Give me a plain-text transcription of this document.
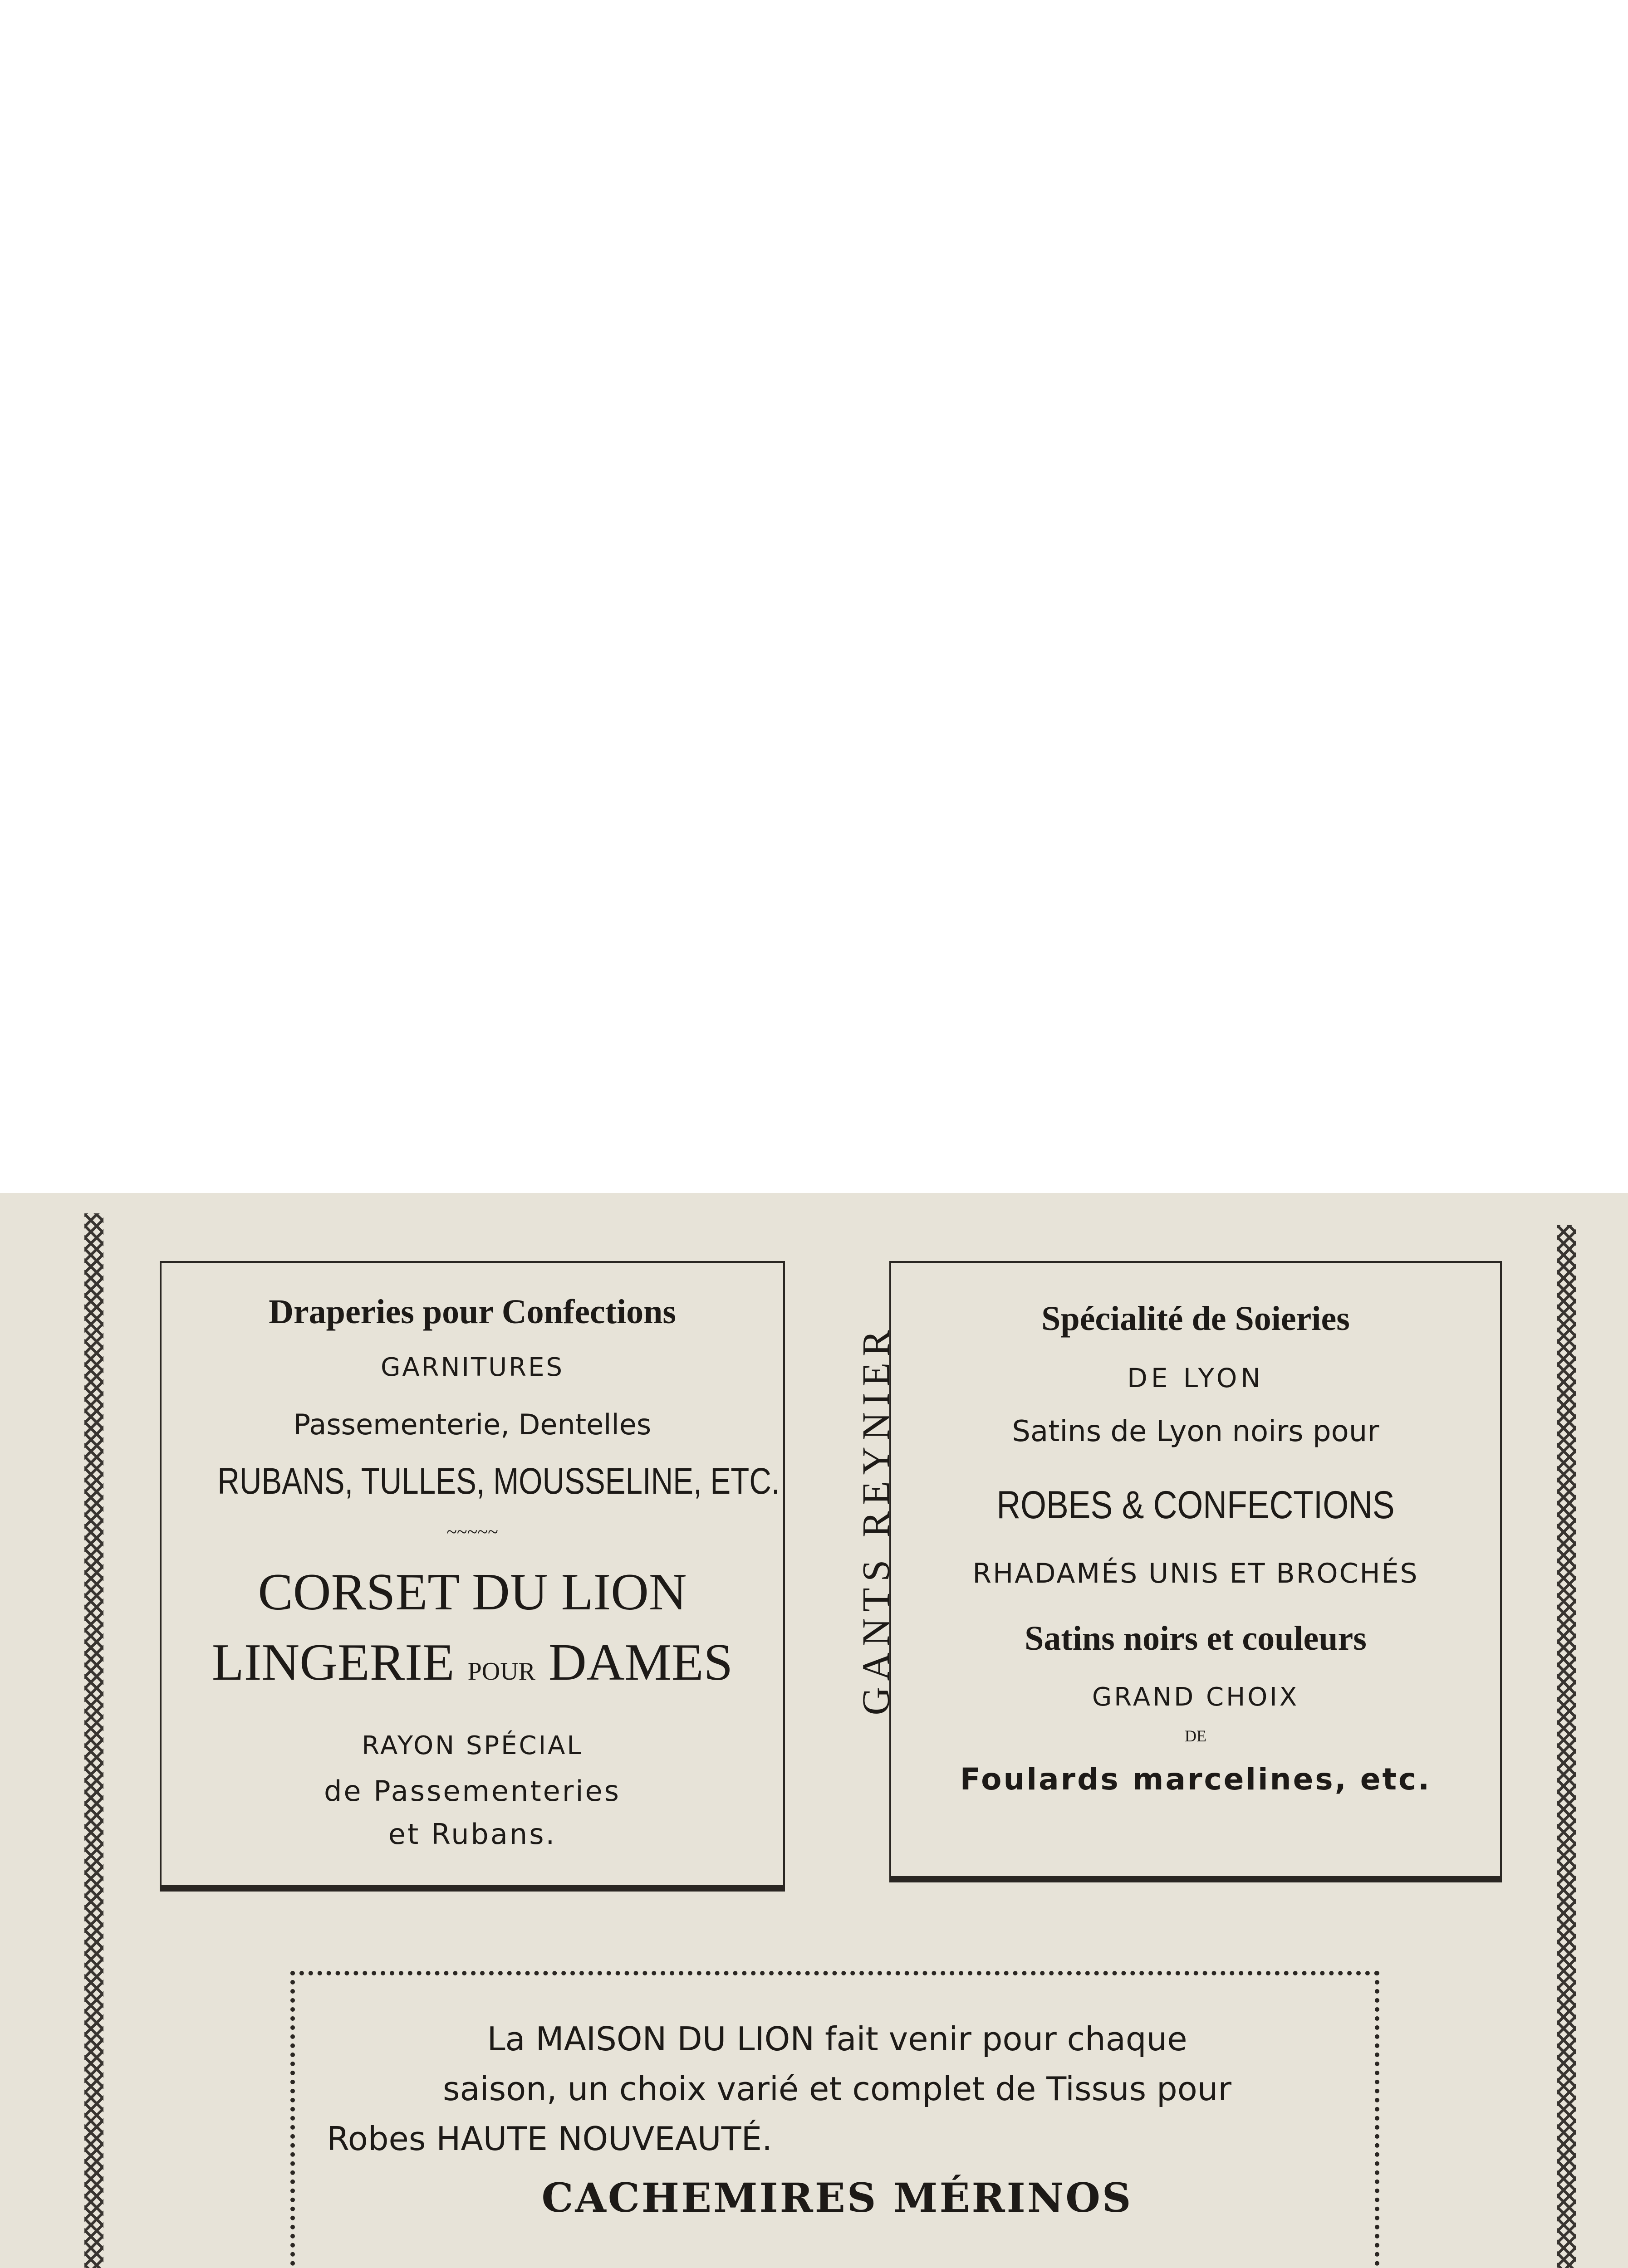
Draperies pour Confections
GARNITURES
Passementerie, Dentelles
RUBANS, TULLES, MOUSSELINE, ETC.
~~~~~
CORSET DU LION
LINGERIE POUR DAMES
RAYON SPÉCIAL
de Passementeries
et Rubans.
GANTS REYNIER
Spécialité de Soieries
DE LYON
Satins de Lyon noirs pour
ROBES & CONFECTIONS
RHADAMÉS UNIS ET BROCHÉS
Satins noirs et couleurs
GRAND CHOIX
DE
Foulards marcelines, etc.
La MAISON DU LION fait venir pour chaque
saison, un choix varié et complet de Tissus pour
Robes HAUTE NOUVEAUTÉ.
CACHEMIRES MÉRINOS
